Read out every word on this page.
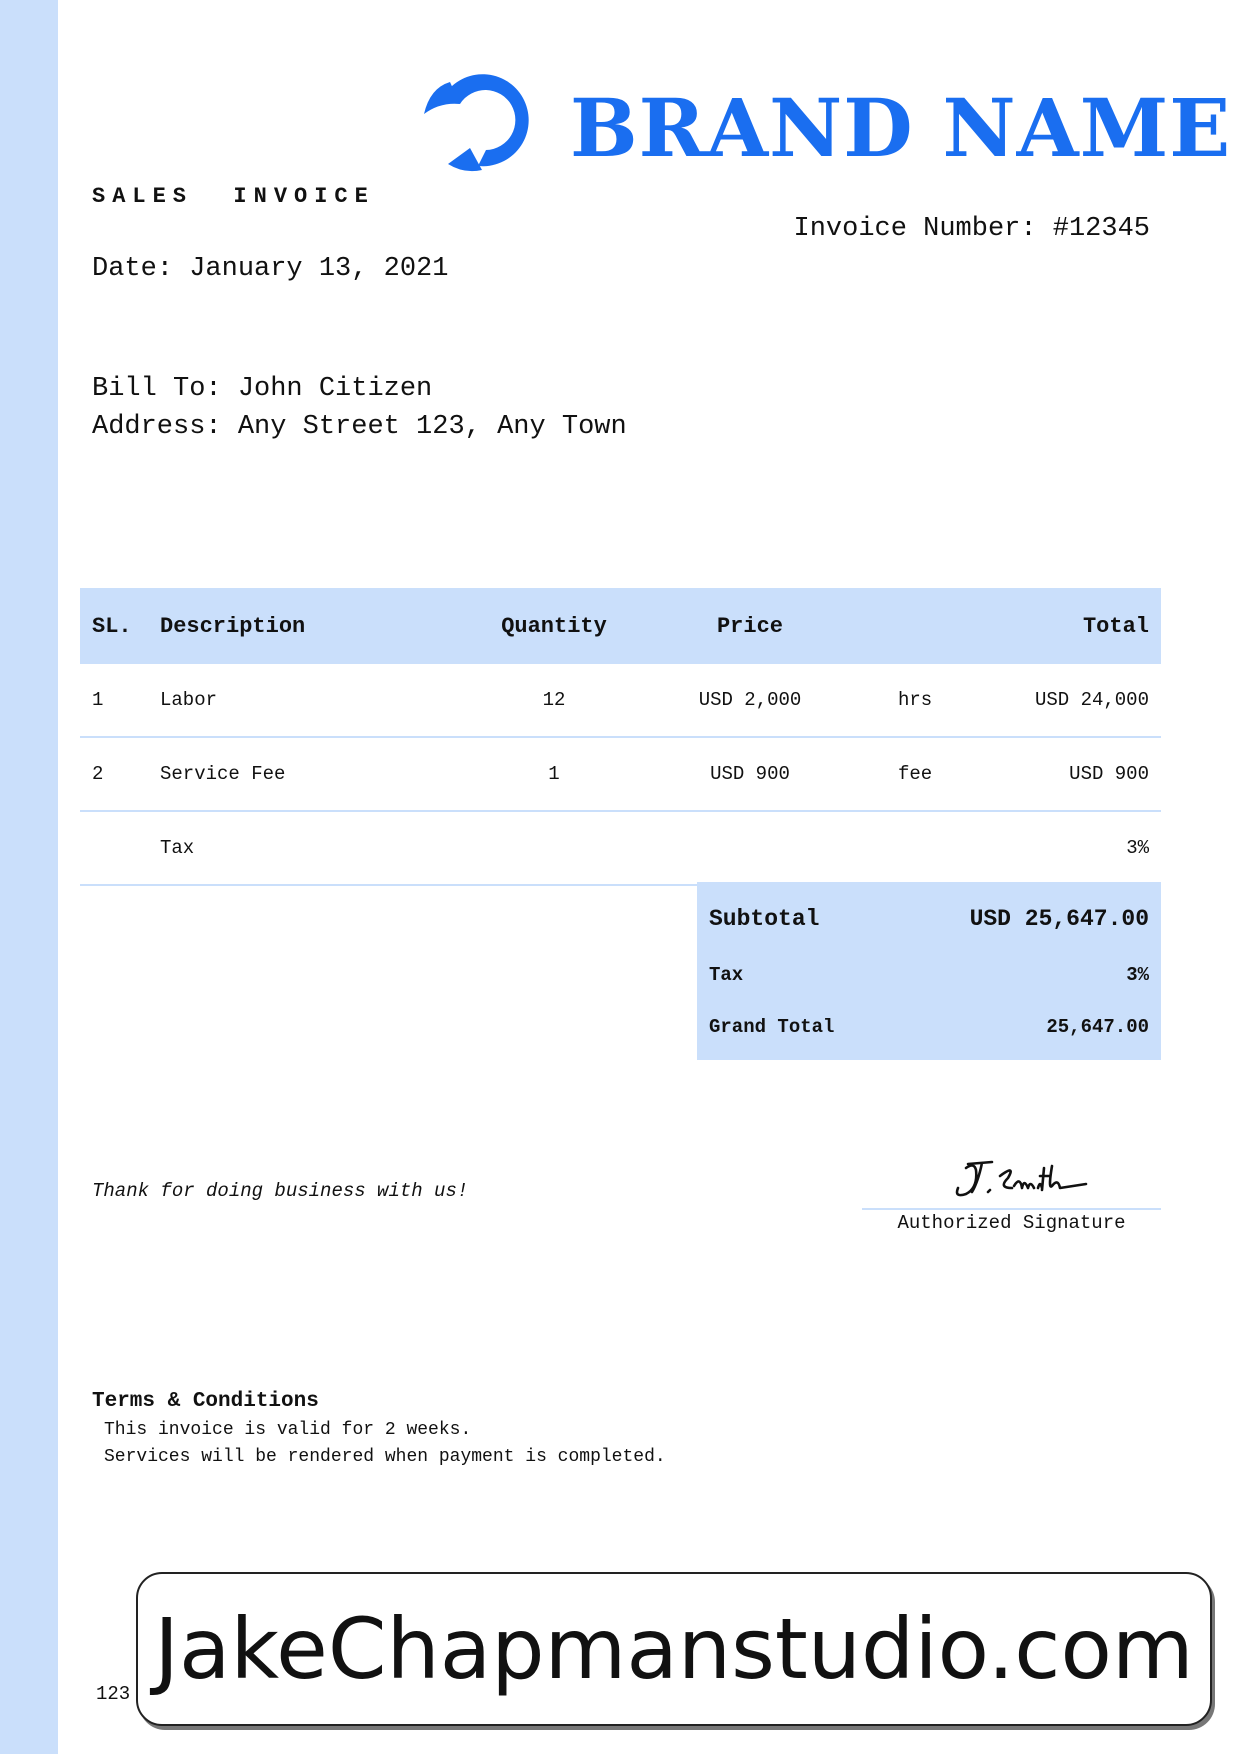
BRAND NAME
SALES  INVOICE
Invoice Number: #12345
Date: January 13, 2021
Bill To: John Citizen
Address: Any Street 123, Any Town
SL. Description	Quantity	Price	Total
1	Labor	12	USD 2,000	hrs	USD 24,000
2	Service Fee	1	USD 900	fee	USD 900
Tax	3%
Subtotal	USD 25,647.00
Tax	3%
Grand Total	25,647.00
Thank for doing business with us!
Authorized Signature
Terms & Conditions
This invoice is valid for 2 weeks.
Services will be rendered when payment is completed.
123 JakeChapmanstudio.com
